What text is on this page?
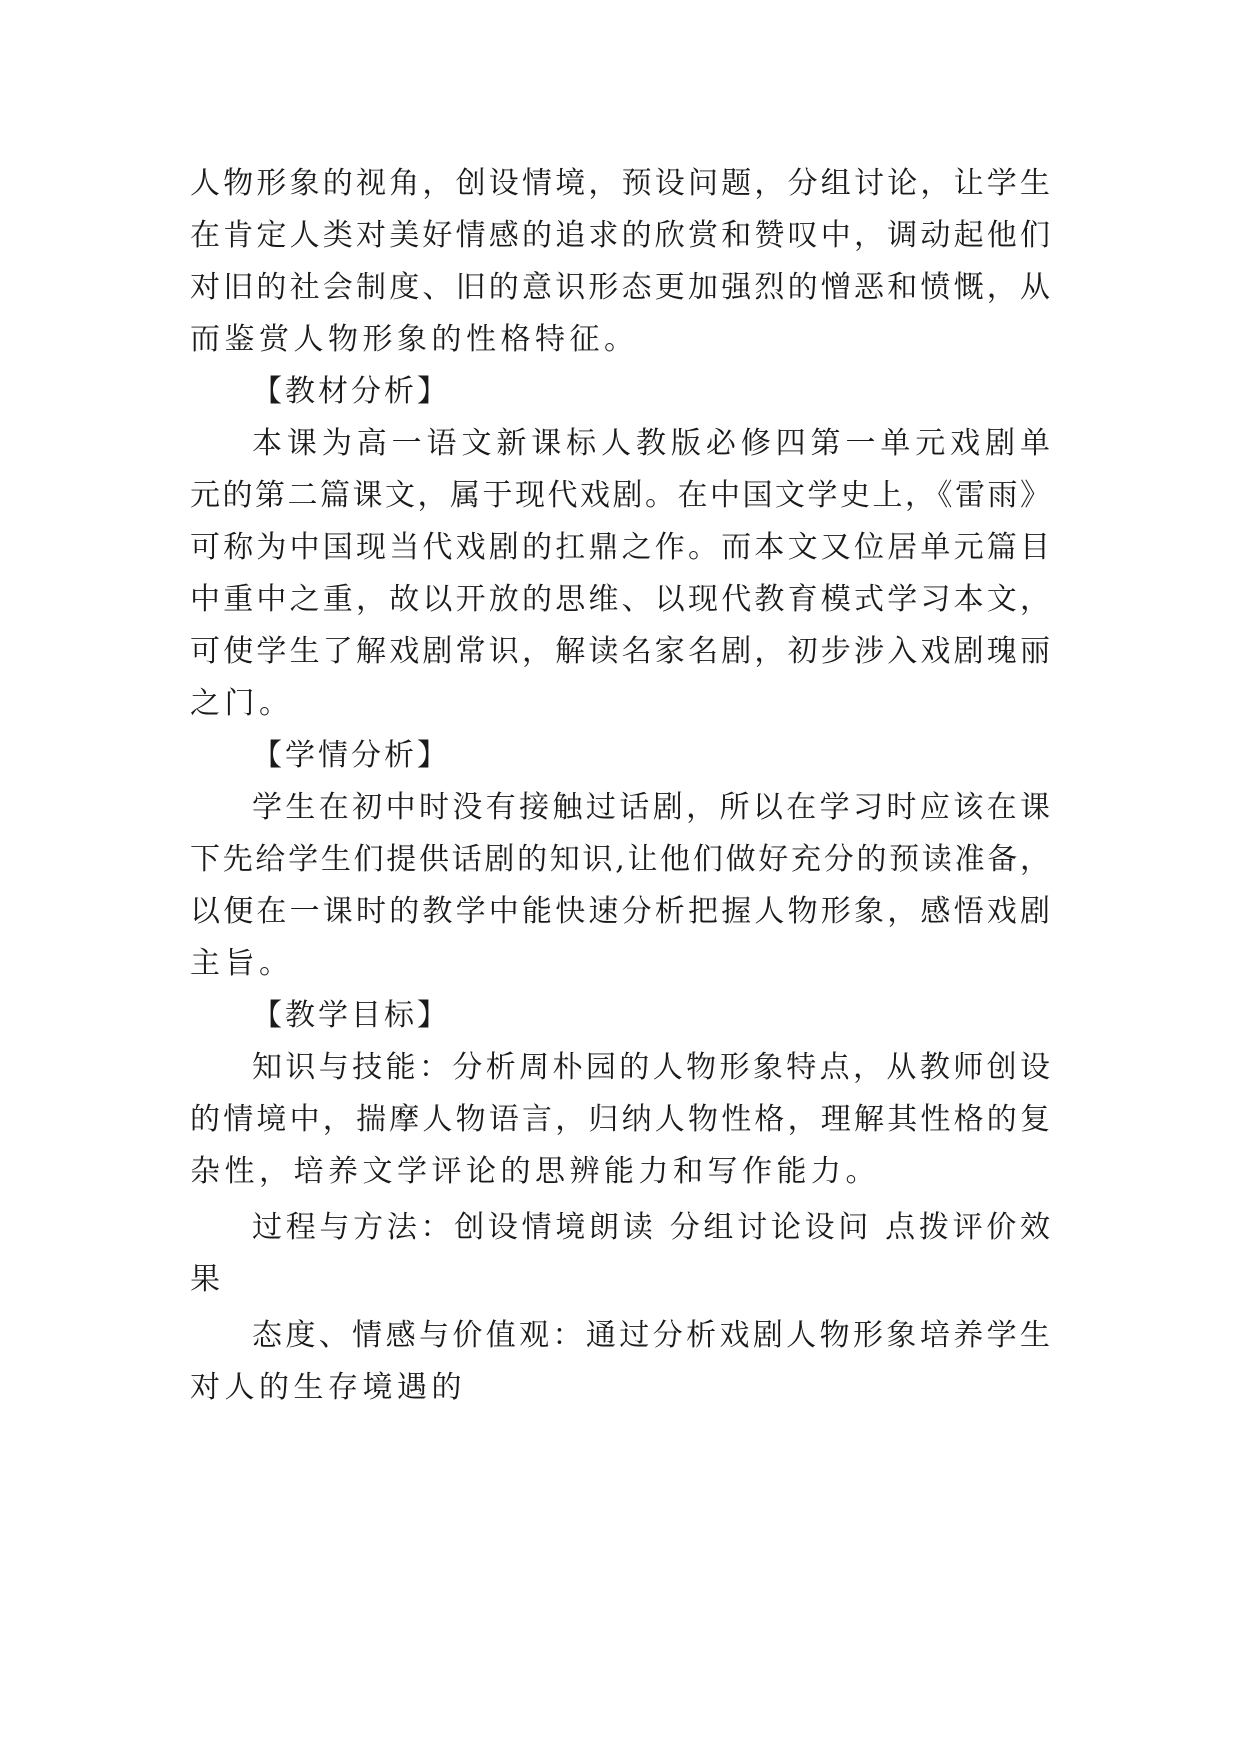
人物形象的视角，创设情境，预设问题，分组讨论，让学生
在肯定人类对美好情感的追求的欣赏和赞叹中，调动起他们
对旧的社会制度、旧的意识形态更加强烈的憎恶和愤慨，从
而鉴赏人物形象的性格特征。
【教材分析】
本课为高一语文新课标人教版必修四第一单元戏剧单
元的第二篇课文，属于现代戏剧。在中国文学史上，《雷雨》
可称为中国现当代戏剧的扛鼎之作。而本文又位居单元篇目
中重中之重，故以开放的思维、以现代教育模式学习本文，
可使学生了解戏剧常识，解读名家名剧，初步涉入戏剧瑰丽
之门。
【学情分析】
学生在初中时没有接触过话剧，所以在学习时应该在课
下先给学生们提供话剧的知识,让他们做好充分的预读准备，
以便在一课时的教学中能快速分析把握人物形象，感悟戏剧
主旨。
【教学目标】
知识与技能：分析周朴园的人物形象特点，从教师创设
的情境中，揣摩人物语言，归纳人物性格，理解其性格的复
杂性，培养文学评论的思辨能力和写作能力。
过程与方法：创设情境朗读 分组讨论设问 点拨评价效
果
态度、情感与价值观：通过分析戏剧人物形象培养学生
对人的生存境遇的
